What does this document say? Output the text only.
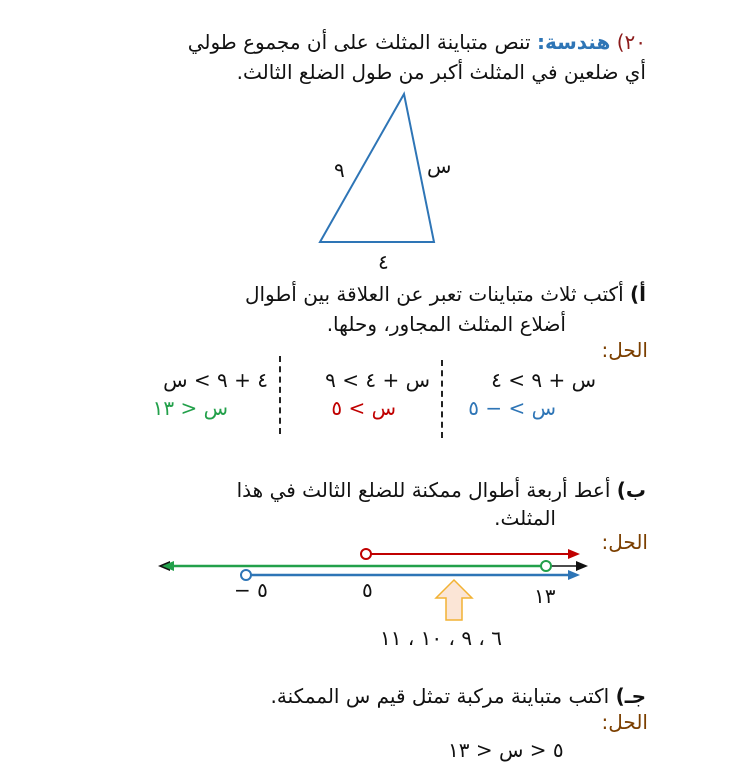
٢٠) هندسة: تنص متباينة المثلث على أن مجموع طولي
أي ضلعين في المثلث أكبر من طول الضلع الثالث.
٩	س
٤
أ) أكتب ثلاث متباينات تعبر عن العلاقة بين أطوال
أضلاع المثلث المجاور، وحلها.
الحل:
س + ٩ > ٤
س > − ٥
س + ٤ > ٩
س > ٥
٤ + ٩ > س
س < ١٣
ب) أعط أربعة أطوال ممكنة للضلع الثالث في هذا
المثلث.
الحل:
− ٥	٥	١٣
٦ ، ٩ ، ١٠ ، ١١
جـ) اكتب متباينة مركبة تمثل قيم س الممكنة.
الحل:
٥ < س < ١٣
